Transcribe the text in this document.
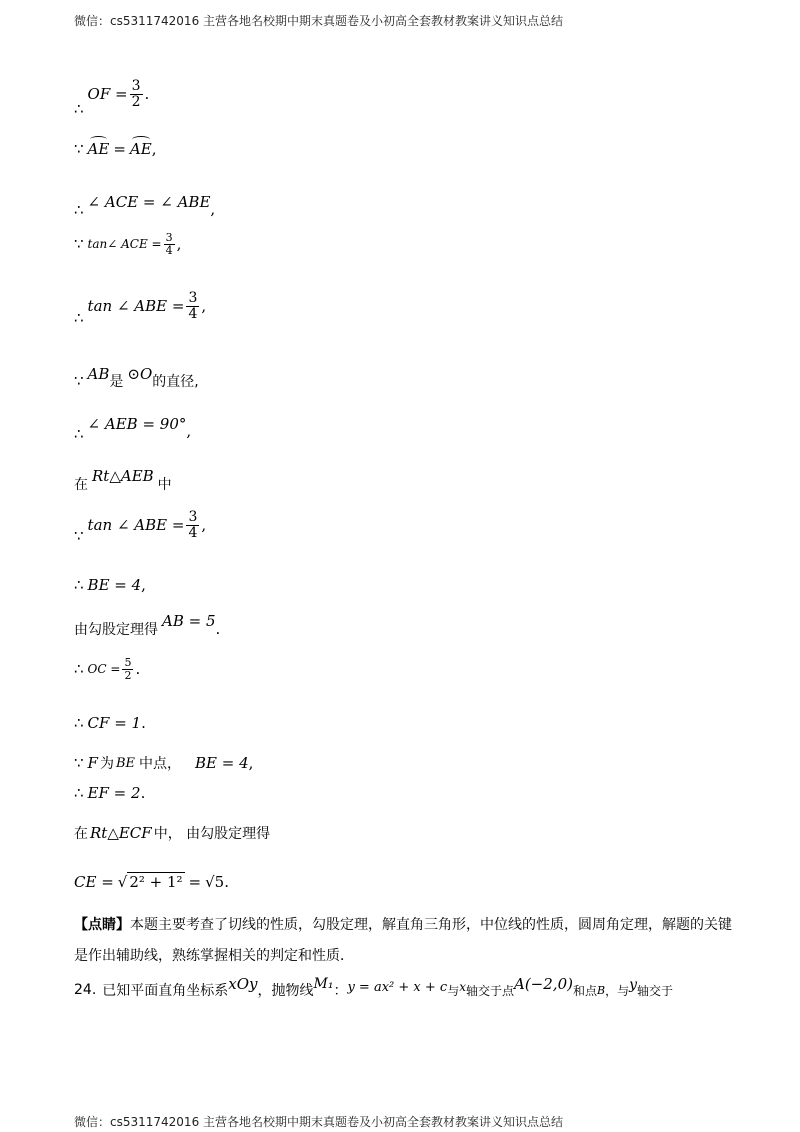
微信：cs5311742016 主营各地名校期中期末真题卷及小初高全套教材教案讲义知识点总结
∴
OF = $\frac{3}{2}$ .
∵ AE = AE ,
∴ ∠ ACE = ∠ ABE ,
∵ tan∠ ACE = $\frac{3}{4}$ ,
∴
tan ∠ ABE = $\frac{3}{4}$ ,
∵ AB 是 ⊙O 的直径,
∴
∠ AEB = 90° ,
在 Rt△AEB 中
∵
tan ∠ ABE = $\frac{3}{4}$ ,
∴ BE = 4 ,
由勾股定理得 AB = 5 .
∴ OC = $\frac{5}{2}$ .
∴ CF = 1 .
∵ F 为 BE 中点， BE = 4 ,
∴ EF = 2 .
在 Rt△ECF 中， 由勾股定理得
CE = √ 2² + 1² = √5 .
【点睛】本题主要考查了切线的性质，勾股定理，解直角三角形，中位线的性质，圆周角定理，解题的关键是作出辅助线，熟练掌握相关的判定和性质．
24. 已知平面直角坐标系 xOy ，抛物线 M₁ ： y = ax² + x + c 与 x 轴交于点 A(−2,0) 和点 B ，与 y 轴交于
微信：cs5311742016 主营各地名校期中期末真题卷及小初高全套教材教案讲义知识点总结
